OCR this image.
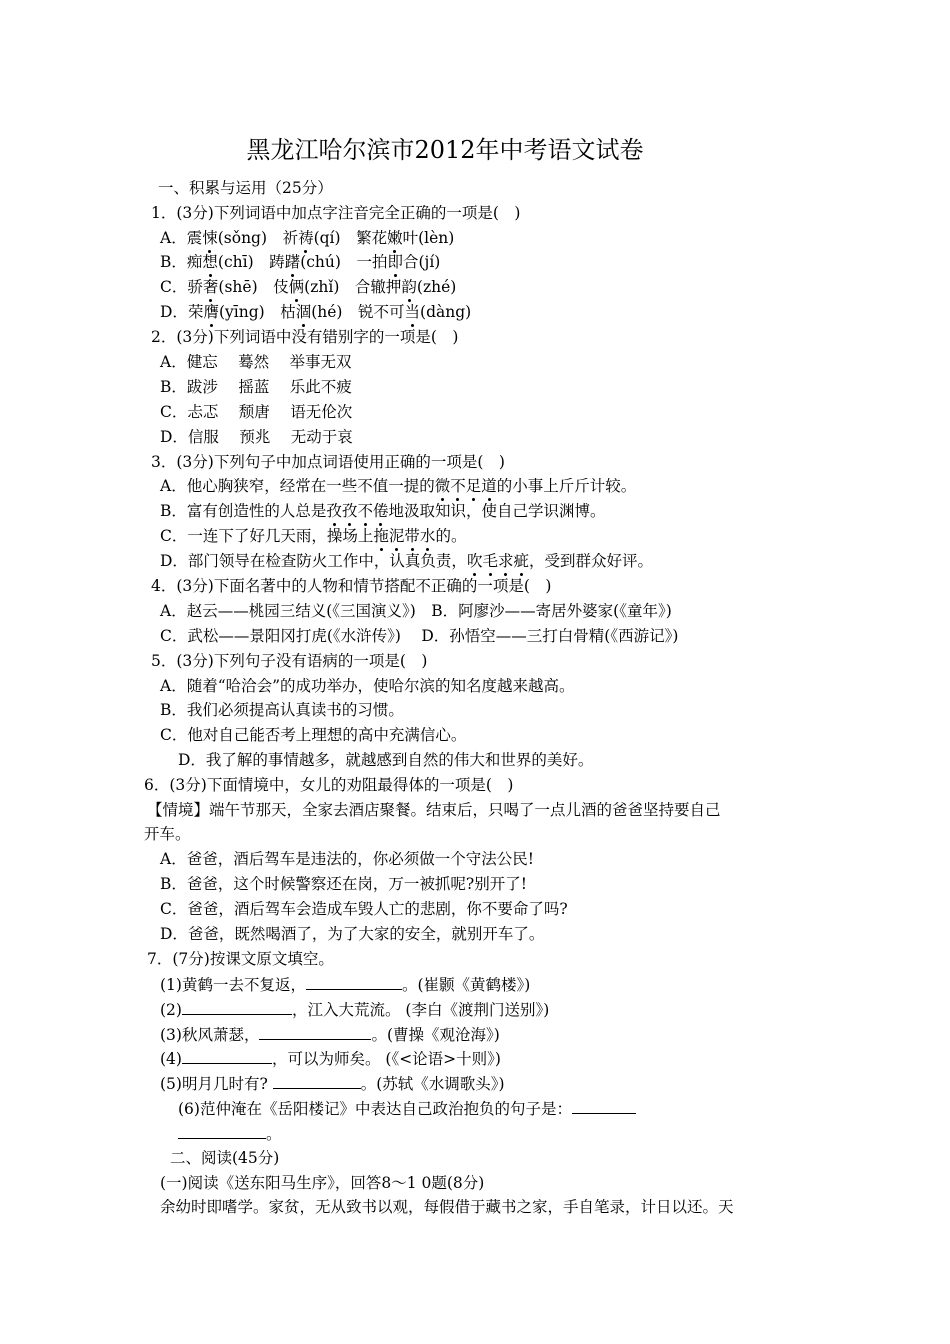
黑龙江哈尔滨市2012年中考语文试卷
一、积累与运用（25分）
1．(3分)下列词语中加点字注音完全正确的一项是(　)
A．震悚(sǒng)　 祈祷(qí)　 繁花嫩叶(lèn)
B．痴想(chī)　 踌躇(chú)　 一拍即合(jí)
C．骄奢(shē)　 伎俩(zhǐ)　 合辙押韵(zhé)
D．荣膺(yīng)　 枯涸(hé)　 锐不可当(dàng)
2．(3分)下列词语中没有错别字的一项是(　)
A．健忘　 蓦然　 举事无双
B．跋涉　 摇蓝　 乐此不疲
C．忐忑　 颓唐　 语无伦次
D．信服　 预兆　 无动于哀
3．(3分)下列句子中加点词语使用正确的一项是(　)
A．他心胸狭窄，经常在一些不值一提的微不足道的小事上斤斤计较。
B．富有创造性的人总是孜孜不倦地汲取知识，使自己学识渊博。
C．一连下了好几天雨，操场上拖泥带水的。
D．部门领导在检查防火工作中，认真负责，吹毛求疵，受到群众好评。
4．(3分)下面名著中的人物和情节搭配不正确的一项是(　)
A．赵云——桃园三结义(《三国演义》)　B．阿廖沙——寄居外婆家(《童年》)
C．武松——景阳冈打虎(《水浒传》)　 D．孙悟空——三打白骨精(《西游记》)
5．(3分)下列句子没有语病的一项是(　)
A．随着“哈洽会”的成功举办，使哈尔滨的知名度越来越高。
B．我们必须提高认真读书的习惯。
C．他对自己能否考上理想的高中充满信心。
D．我了解的事情越多，就越感到自然的伟大和世界的美好。
6．(3分)下面情境中，女儿的劝阻最得体的一项是(　)
【情境】端午节那天，全家去酒店聚餐。结束后，只喝了一点儿酒的爸爸坚持要自己
开车。
A．爸爸，酒后驾车是违法的，你必须做一个守法公民!
B．爸爸，这个时候警察还在岗，万一被抓呢?别开了!
C．爸爸，酒后驾车会造成车毁人亡的悲剧，你不要命了吗?
D．爸爸，既然喝酒了，为了大家的安全，就别开车了。
7．(7分)按课文原文填空。
(1)黄鹤一去不复返，	。(崔颢《黄鹤楼》)
(2)	，江入大荒流。 (李白《渡荆门送别》)
(3)秋风萧瑟，	。(曹操《观沧海》)
(4)	，可以为师矣。 (《<论语>十则》)
(5)明月几时有?	。(苏轼《水调歌头》)
(6)范仲淹在《岳阳楼记》中表达自己政治抱负的句子是：
。
二、阅读(45分)
(一)阅读《送东阳马生序》，回答8～1 0题(8分)
余幼时即嗜学。家贫，无从致书以观，每假借于藏书之家，手自笔录，计日以还。天
